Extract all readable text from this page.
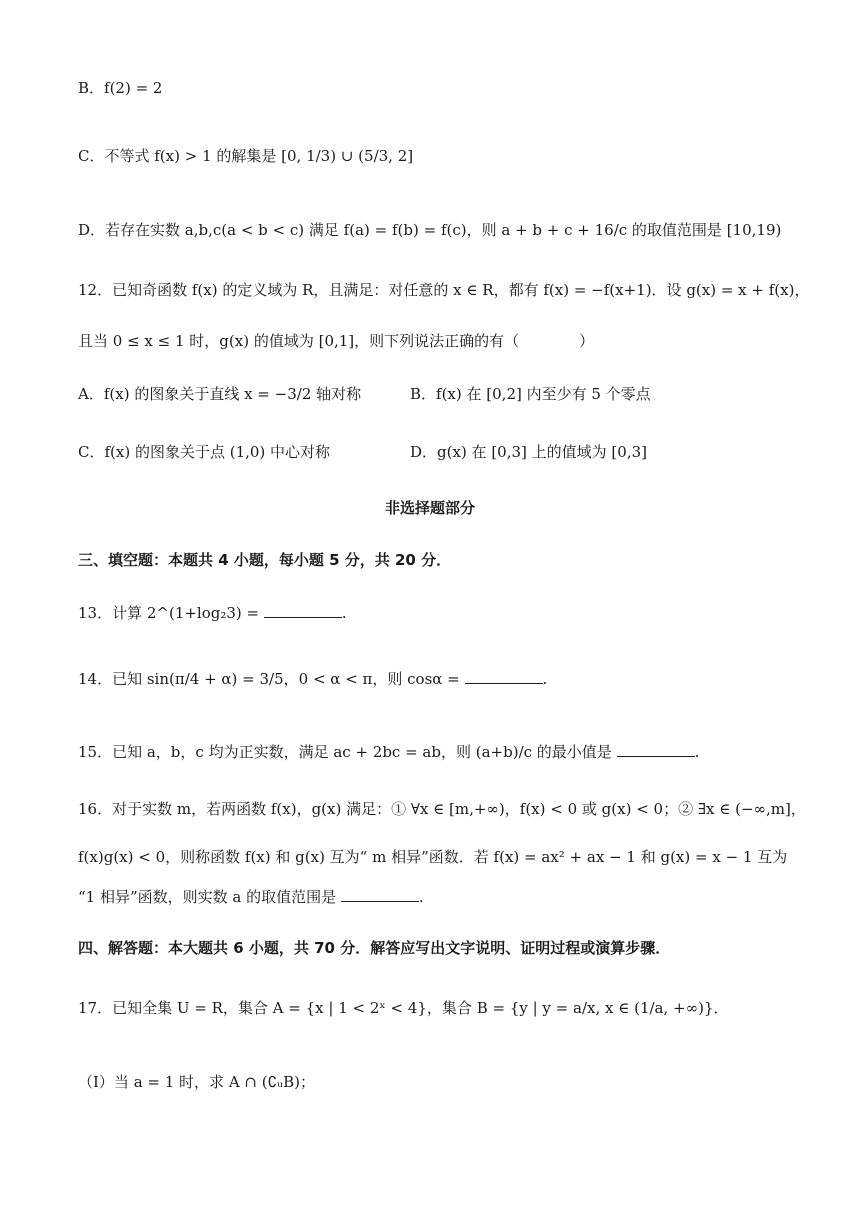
B．f(2) = 2
C．不等式 f(x) > 1 的解集是 [0, 1/3) ∪ (5/3, 2]
D．若存在实数 a,b,c(a < b < c) 满足 f(a) = f(b) = f(c)，则 a + b + c + 16/c 的取值范围是 [10,19)
12．已知奇函数 f(x) 的定义域为 R，且满足：对任意的 x ∈ R，都有 f(x) = −f(x+1)．设 g(x) = x + f(x)，
且当 0 ≤ x ≤ 1 时，g(x) 的值域为 [0,1]，则下列说法正确的有（　　　　）
A．f(x) 的图象关于直线 x = −3/2 轴对称	B．f(x) 在 [0,2] 内至少有 5 个零点
C．f(x) 的图象关于点 (1,0) 中心对称	D．g(x) 在 [0,3] 上的值域为 [0,3]
非选择题部分
三、填空题：本题共 4 小题，每小题 5 分，共 20 分．
13．计算 2^(1+log₂3) =	.
14．已知 sin(π/4 + α) = 3/5，0 < α < π，则 cosα =	.
15．已知 a，b，c 均为正实数，满足 ac + 2bc = ab，则 (a+b)/c 的最小值是	.
16．对于实数 m，若两函数 f(x)，g(x) 满足：① ∀x ∈ [m,+∞)，f(x) < 0 或 g(x) < 0；② ∃x ∈ (−∞,m]，
f(x)g(x) < 0，则称函数 f(x) 和 g(x) 互为“ m 相异”函数．若 f(x) = ax² + ax − 1 和 g(x) = x − 1 互为
“1 相异”函数，则实数 a 的取值范围是	.
四、解答题：本大题共 6 小题，共 70 分．解答应写出文字说明、证明过程或演算步骤．
17．已知全集 U = R，集合 A = {x | 1 < 2ˣ < 4}，集合 B = {y | y = a/x, x ∈ (1/a, +∞)}．
（Ⅰ）当 a = 1 时，求 A ∩ (∁ᵤB)；
